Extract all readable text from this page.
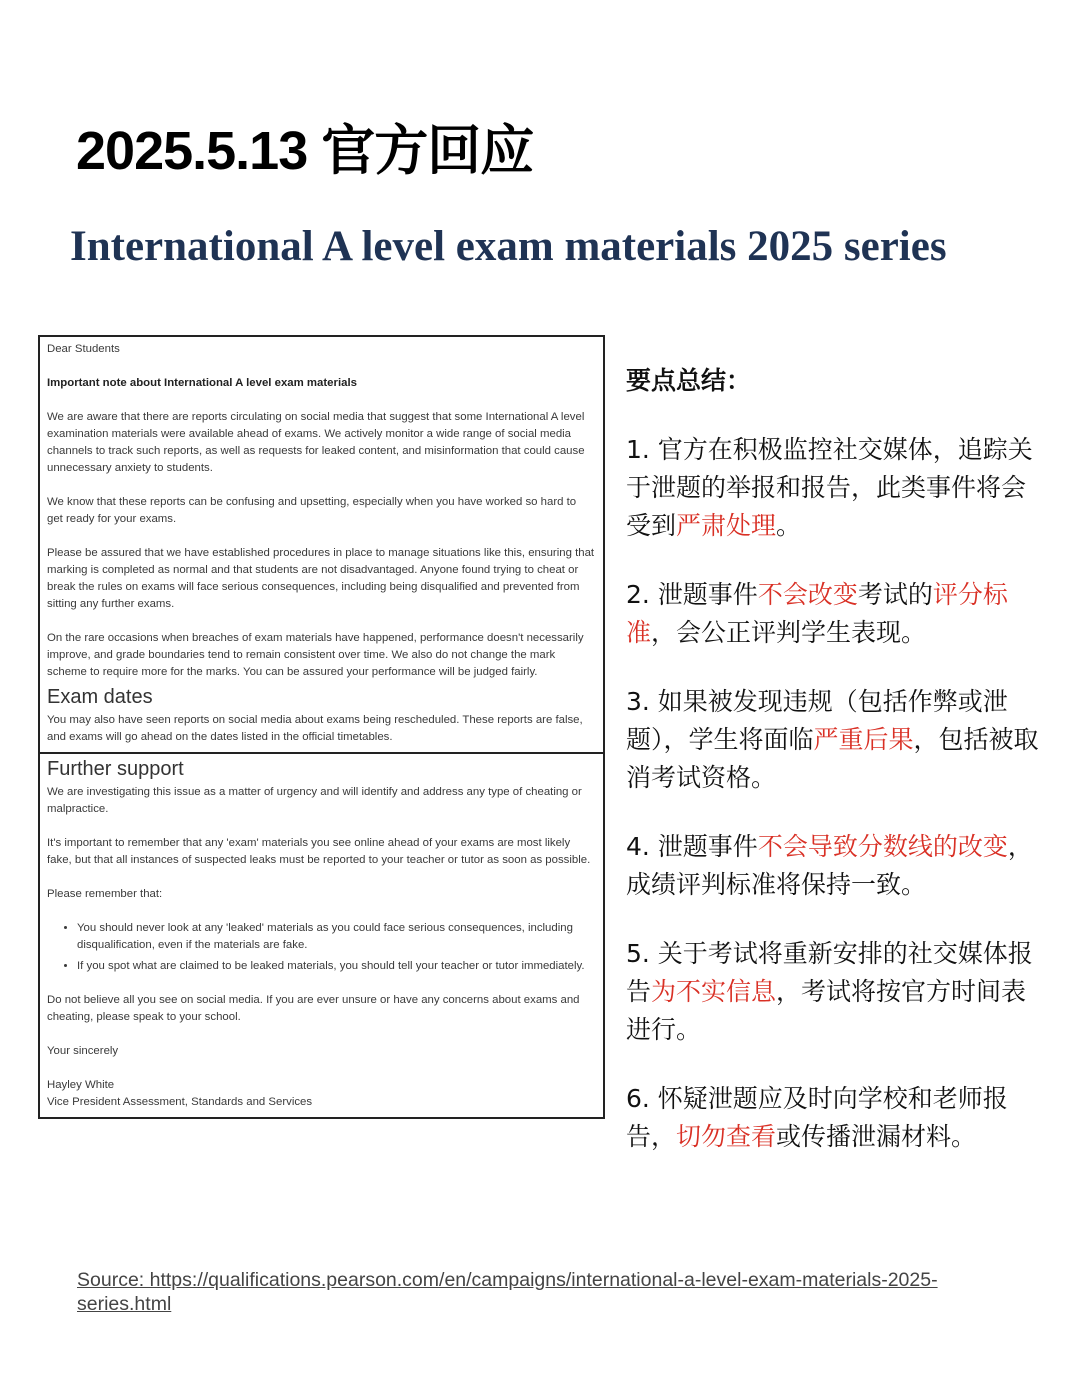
2025.5.13 官方回应
International A level exam materials 2025 series

Dear Students

Important note about International A level exam materials

We are aware that there are reports circulating on social media that suggest that some International A level examination materials were available ahead of exams. We actively monitor a wide range of social media channels to track such reports, as well as requests for leaked content, and misinformation that could cause unnecessary anxiety to students.

We know that these reports can be confusing and upsetting, especially when you have worked so hard to get ready for your exams.

Please be assured that we have established procedures in place to manage situations like this, ensuring that marking is completed as normal and that students are not disadvantaged. Anyone found trying to cheat or break the rules on exams will face serious consequences, including being disqualified and prevented from sitting any further exams.

On the rare occasions when breaches of exam materials have happened, performance doesn't necessarily improve, and grade boundaries tend to remain consistent over time. We also do not change the mark scheme to require more for the marks. You can be assured your performance will be judged fairly.

Exam dates

You may also have seen reports on social media about exams being rescheduled. These reports are false, and exams will go ahead on the dates listed in the official timetables.

Further support

We are investigating this issue as a matter of urgency and will identify and address any type of cheating or malpractice.

It's important to remember that any 'exam' materials you see online ahead of your exams are most likely fake, but that all instances of suspected leaks must be reported to your teacher or tutor as soon as possible.

Please remember that:

• You should never look at any 'leaked' materials as you could face serious consequences, including disqualification, even if the materials are fake.
• If you spot what are claimed to be leaked materials, you should tell your teacher or tutor immediately.

Do not believe all you see on social media. If you are ever unsure or have any concerns about exams and cheating, please speak to your school.

Your sincerely

Hayley White

Vice President Assessment, Standards and Services

要点总结：
1. 官方在积极监控社交媒体，追踪关于泄题的举报和报告，此类事件将会受到严肃处理。
2. 泄题事件不会改变考试的评分标准，会公正评判学生表现。
3. 如果被发现违规（包括作弊或泄题），学生将面临严重后果，包括被取消考试资格。
4. 泄题事件不会导致分数线的改变，成绩评判标准将保持一致。
5. 关于考试将重新安排的社交媒体报告为不实信息，考试将按官方时间表进行。
6. 怀疑泄题应及时向学校和老师报告，切勿查看或传播泄漏材料。
Source: https://qualifications.pearson.com/en/campaigns/international-a-level-exam-materials-2025-series.html
